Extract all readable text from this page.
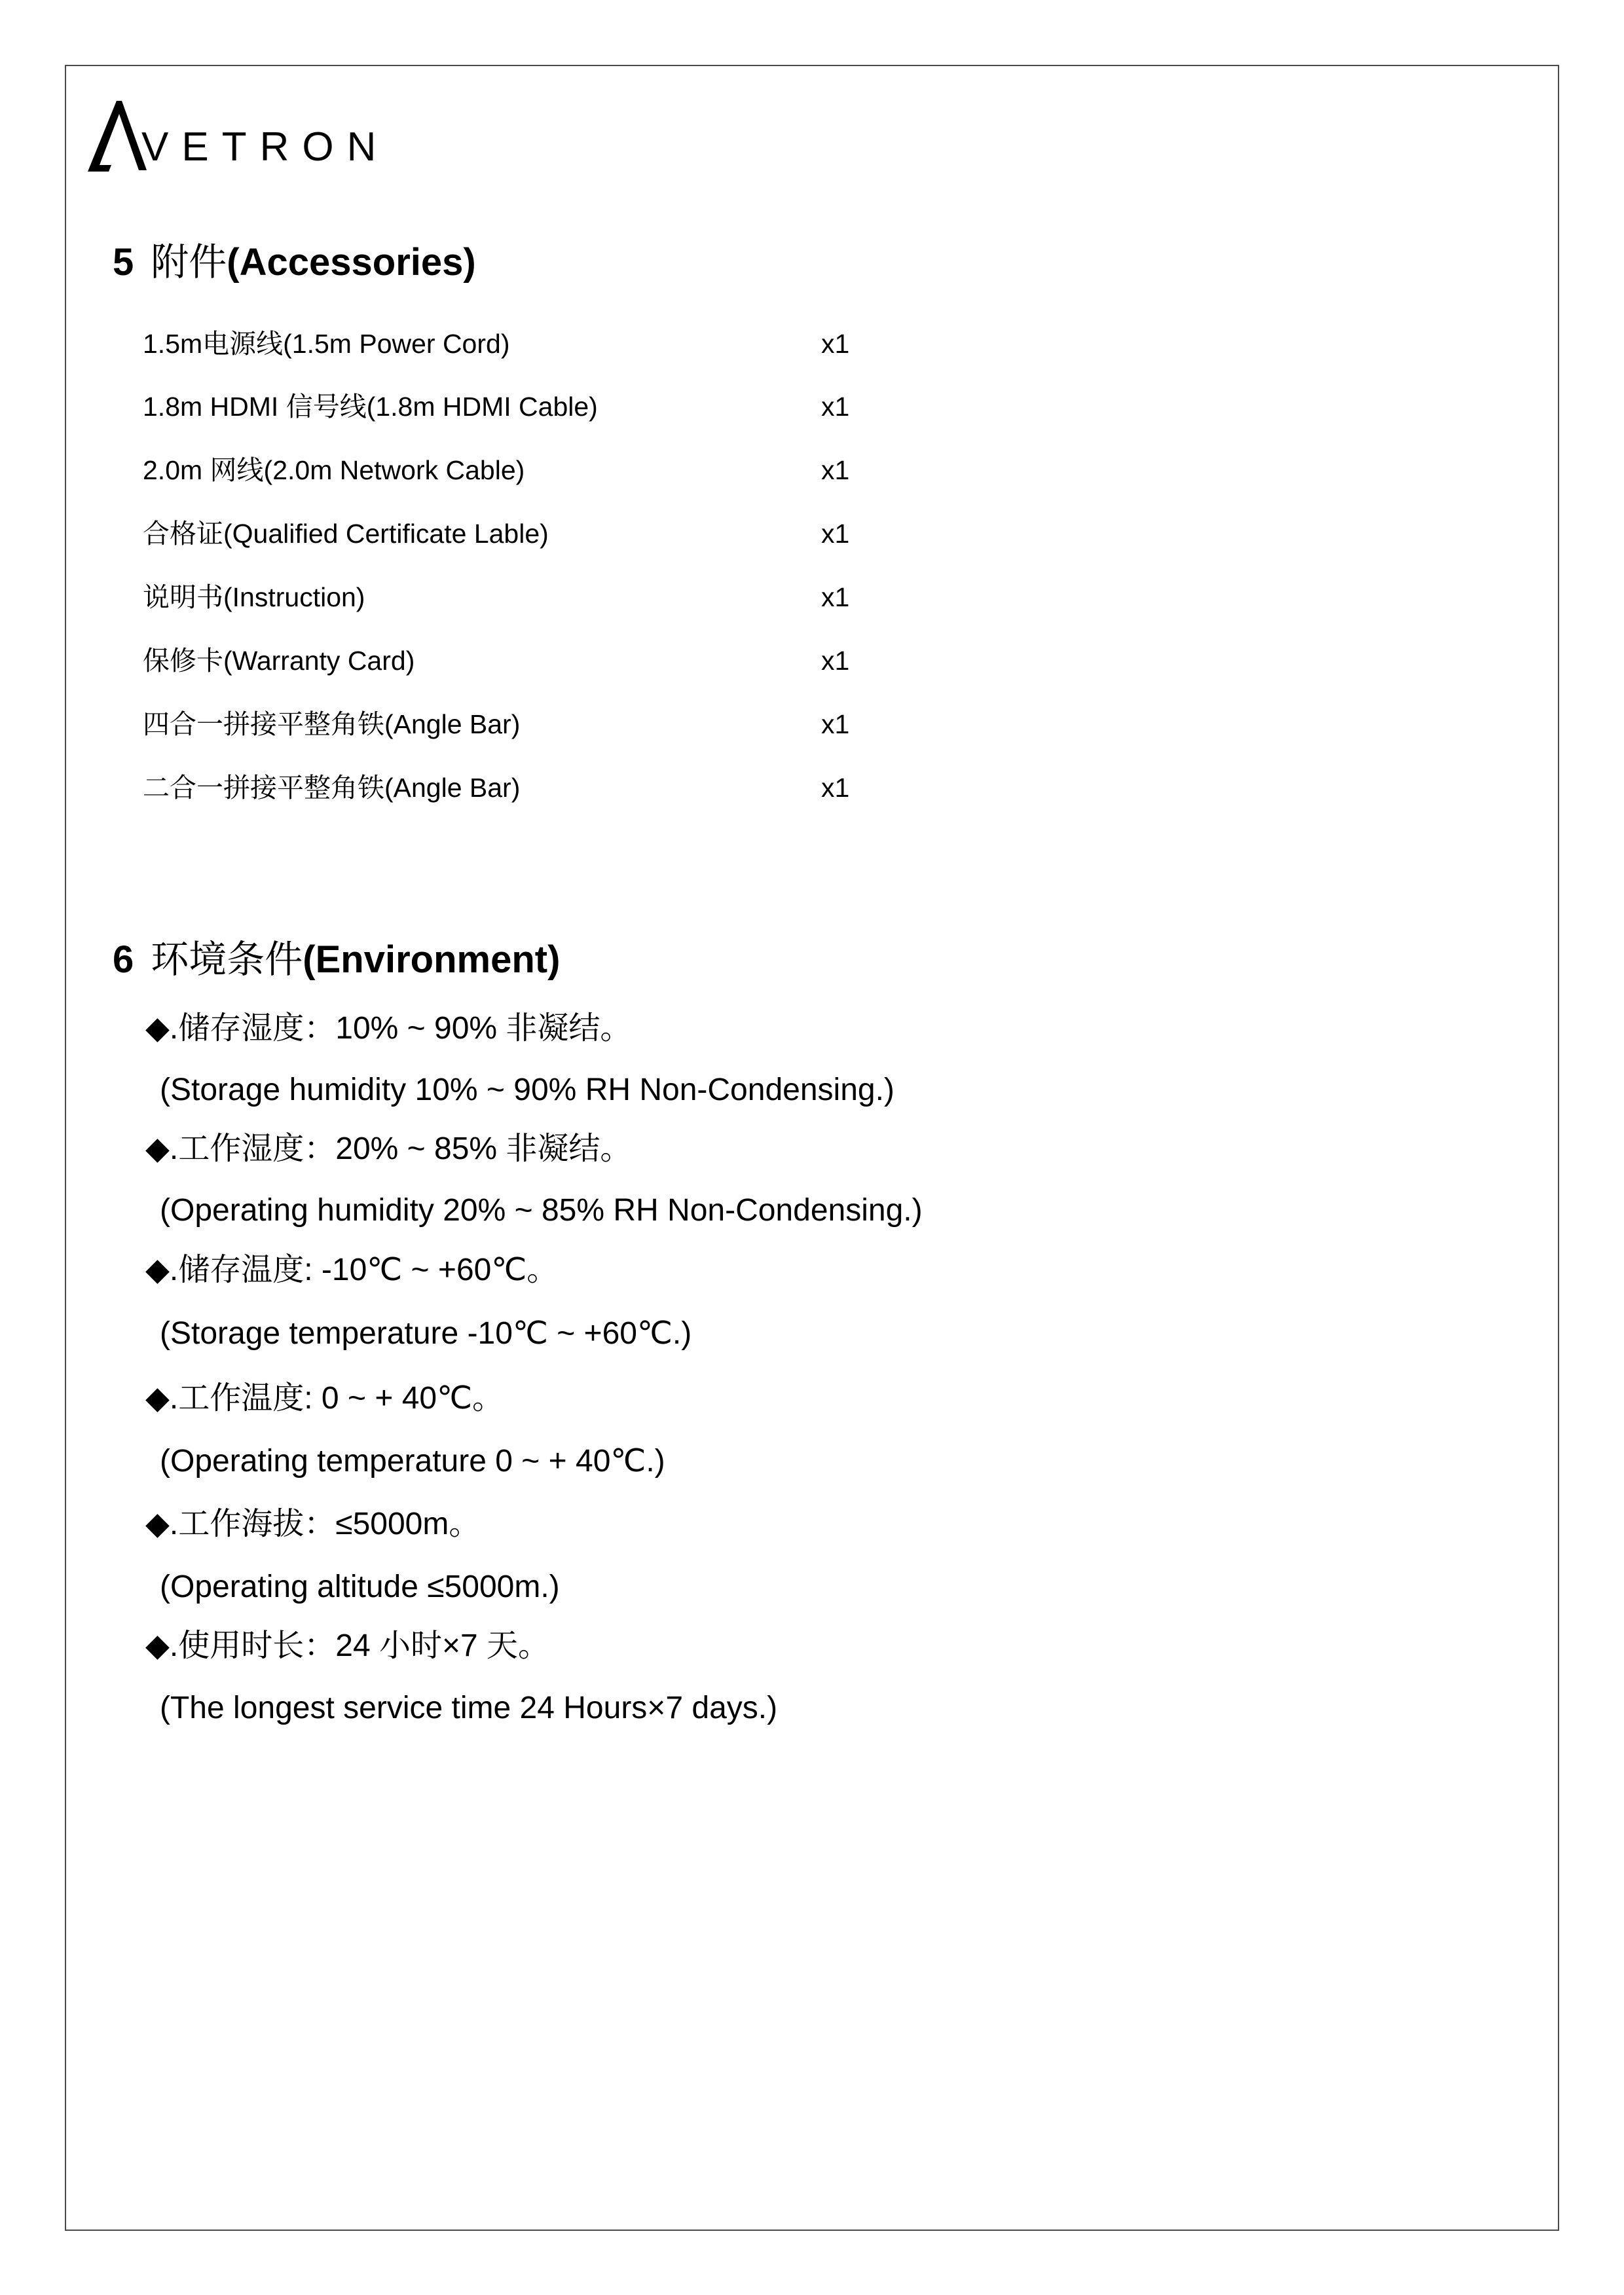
VETRON
5 附件(Accessories)
1.5m电源线(1.5m Power Cord)	x1
1.8m HDMI 信号线(1.8m HDMI Cable)	x1
2.0m 网线(2.0m Network Cable)	x1
合格证(Qualified Certificate Lable)	x1
说明书(Instruction)	x1
保修卡(Warranty Card)	x1
四合一拼接平整角铁(Angle Bar)	x1
二合一拼接平整角铁(Angle Bar)	x1
6 环境条件(Environment)
◆.储存湿度：10% ~ 90% 非凝结。
(Storage humidity 10% ~ 90% RH Non-Condensing.)
◆.工作湿度：20% ~ 85% 非凝结。
(Operating humidity 20% ~ 85% RH Non-Condensing.)
◆.储存温度: -10℃ ~ +60℃。
(Storage temperature -10℃ ~ +60℃.)
◆.工作温度: 0 ~ + 40℃。
(Operating temperature 0 ~ + 40℃.)
◆.工作海拔：≤5000m。
(Operating altitude ≤5000m.)
◆.使用时长：24 小时×7 天。
(The longest service time 24 Hours×7 days.)
